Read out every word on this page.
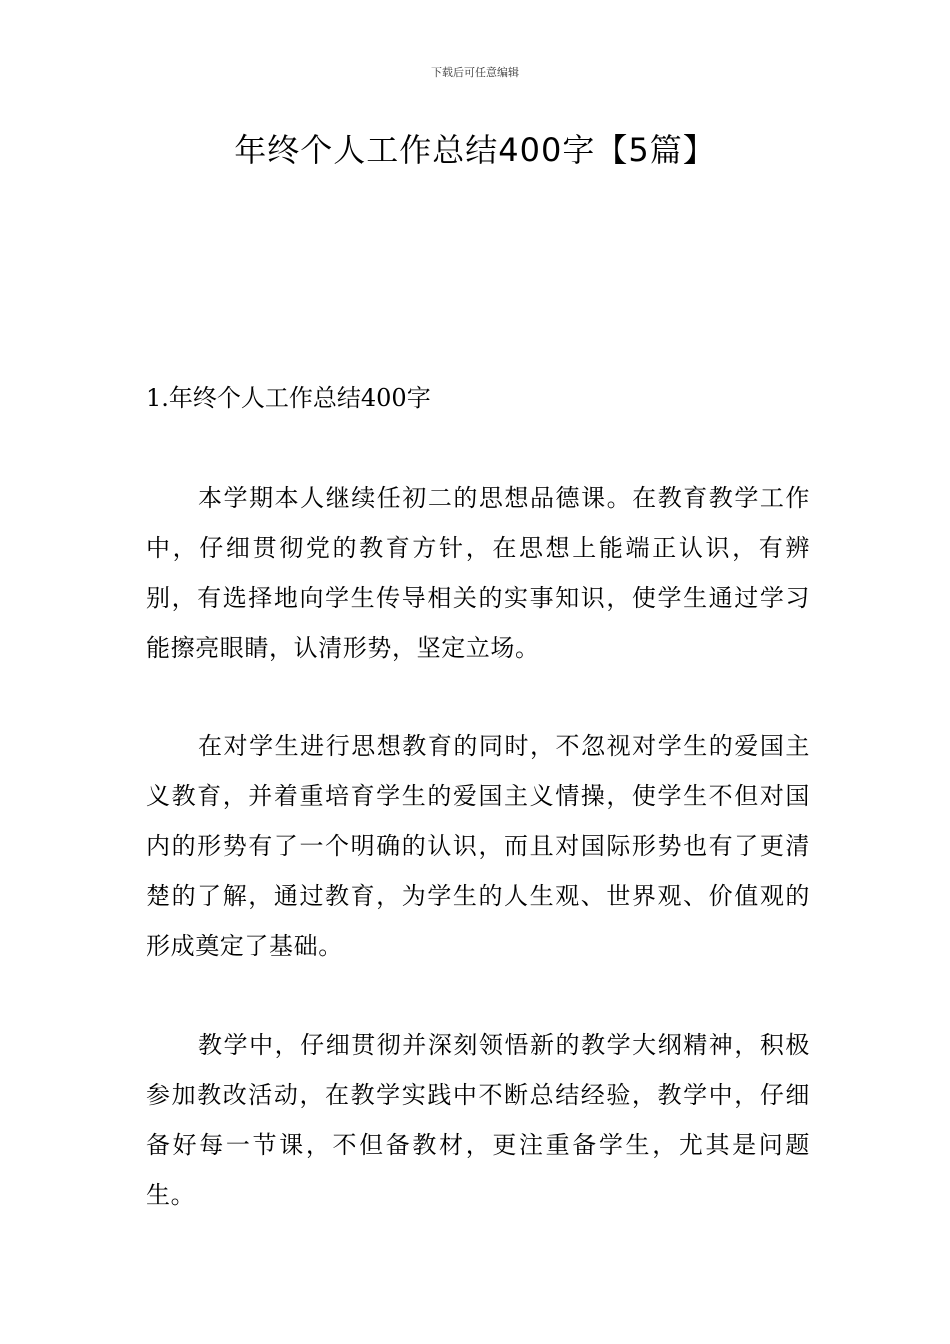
下载后可任意编辑
年终个人工作总结400字【5篇】
1.年终个人工作总结400字

本学期本人继续任初二的思想品德课。在教育教学工作中，仔细贯彻党的教育方针，在思想上能端正认识，有辨别，有选择地向学生传导相关的实事知识，使学生通过学习能擦亮眼睛，认清形势，坚定立场。

在对学生进行思想教育的同时，不忽视对学生的爱国主义教育，并着重培育学生的爱国主义情操，使学生不但对国内的形势有了一个明确的认识，而且对国际形势也有了更清楚的了解，通过教育，为学生的人生观、世界观、价值观的形成奠定了基础。

教学中，仔细贯彻并深刻领悟新的教学大纲精神，积极参加教改活动，在教学实践中不断总结经验，教学中，仔细备好每一节课，不但备教材，更注重备学生，尤其是问题生。
